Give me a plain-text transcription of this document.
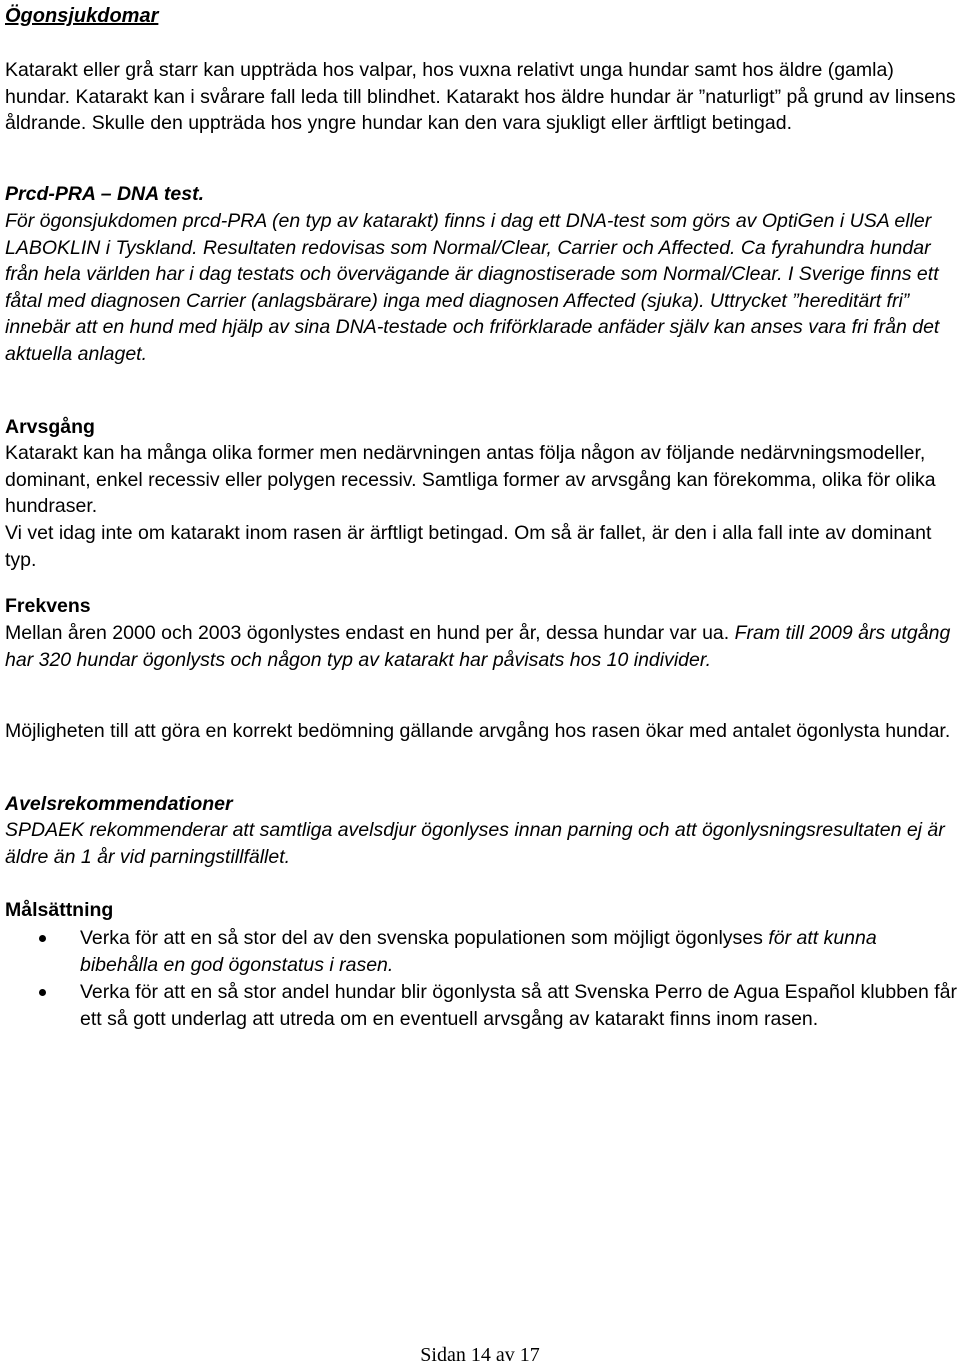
Ögonsjukdomar

Katarakt eller grå starr kan uppträda hos valpar, hos vuxna relativt unga hundar samt hos äldre (gamla) hundar. Katarakt kan i svårare fall leda till blindhet. Katarakt hos äldre hundar är ”naturligt” på grund av linsens åldrande. Skulle den uppträda hos yngre hundar kan den vara sjukligt eller ärftligt betingad.

Prcd-PRA – DNA test.

För ögonsjukdomen prcd-PRA (en typ av katarakt) finns i dag ett DNA-test som görs av OptiGen i USA eller LABOKLIN i Tyskland. Resultaten redovisas som Normal/Clear, Carrier och Affected. Ca fyrahundra hundar från hela världen har i dag testats och övervägande är diagnostiserade som Normal/Clear. I Sverige finns ett fåtal med diagnosen Carrier (anlagsbärare) inga med diagnosen Affected (sjuka). Uttrycket ”hereditärt fri” innebär att en hund med hjälp av sina DNA-testade och friförklarade anfäder själv kan anses vara fri från det aktuella anlaget.

Arvsgång

Katarakt kan ha många olika former men nedärvningen antas följa någon av följande nedärvningsmodeller, dominant, enkel recessiv eller polygen recessiv. Samtliga former av arvsgång kan förekomma, olika för olika hundraser.

Vi vet idag inte om katarakt inom rasen är ärftligt betingad. Om så är fallet, är den i alla fall inte av dominant typ.

Frekvens

Mellan åren 2000 och 2003 ögonlystes endast en hund per år, dessa hundar var ua. Fram till 2009 års utgång har 320 hundar ögonlysts och någon typ av katarakt har påvisats hos 10 individer.

Möjligheten till att göra en korrekt bedömning gällande arvgång hos rasen ökar med antalet ögonlysta hundar.

Avelsrekommendationer

SPDAEK rekommenderar att samtliga avelsdjur ögonlyses innan parning och att ögonlysningsresultaten ej är äldre än 1 år vid parningstillfället.

Målsättning

Verka för att en så stor del av den svenska populationen som möjligt ögonlyses för att kunna bibehålla en god ögonstatus i rasen.
Verka för att en så stor andel hundar blir ögonlysta så att Svenska Perro de Agua Español klubben får ett så gott underlag att utreda om en eventuell arvsgång av katarakt finns inom rasen.
Sidan 14 av 17
